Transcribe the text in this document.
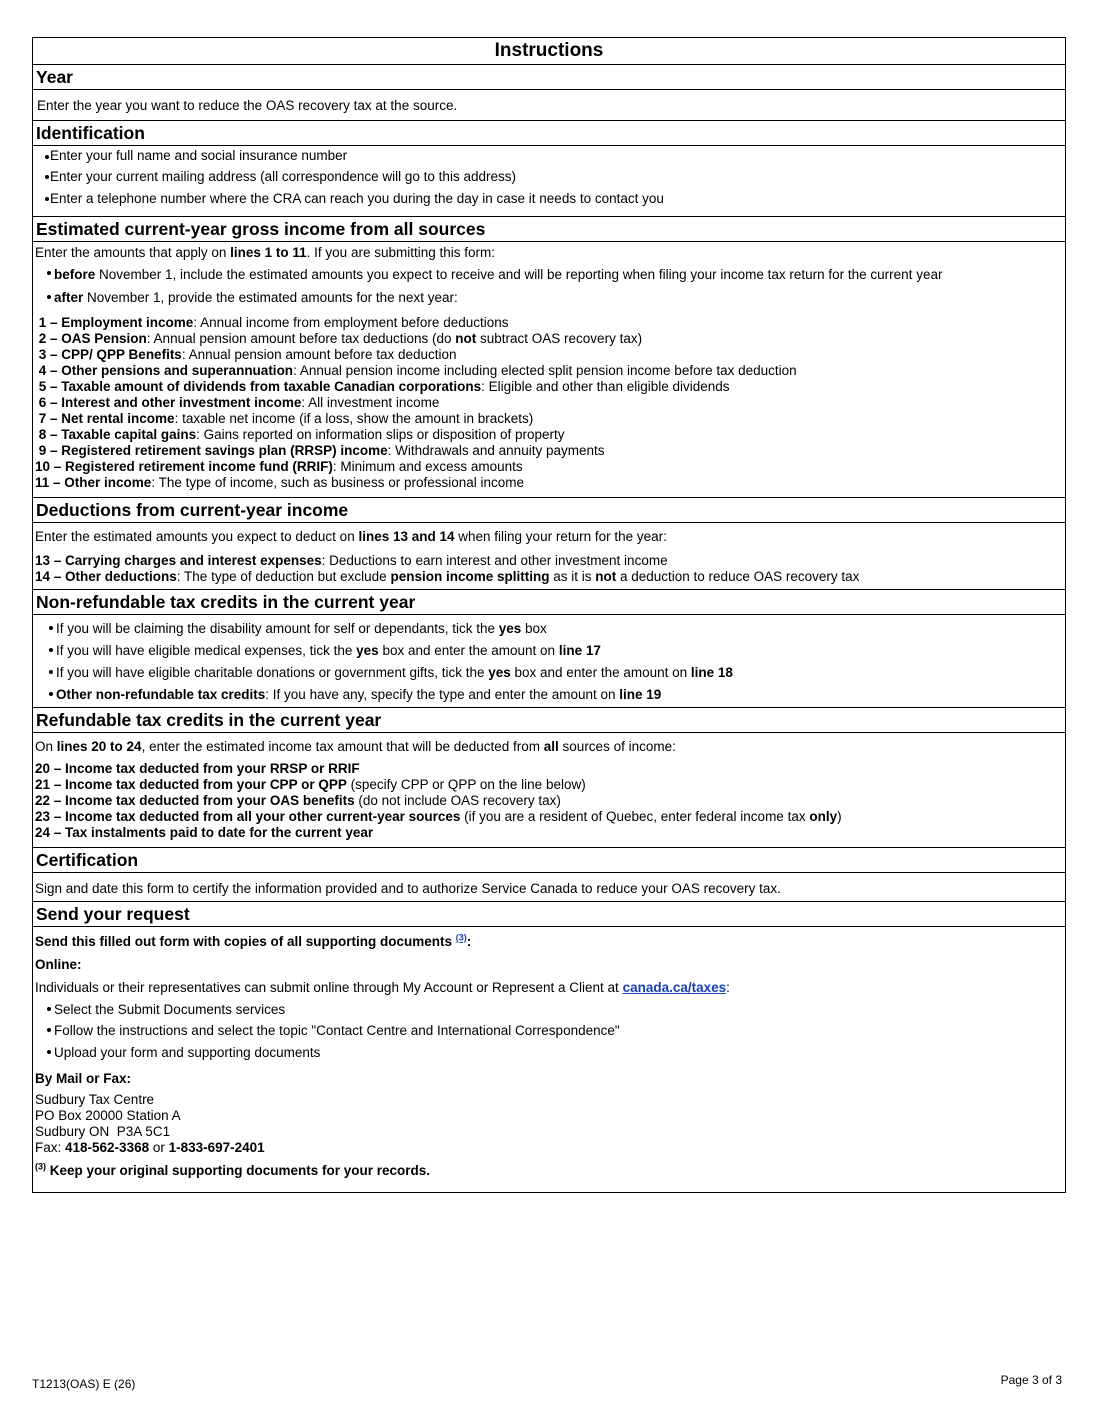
Instructions
Year
Enter the year you want to reduce the OAS recovery tax at the source.
Identification
Enter your full name and social insurance number
Enter your current mailing address (all correspondence will go to this address)
Enter a telephone number where the CRA can reach you during the day in case it needs to contact you
Estimated current-year gross income from all sources
Enter the amounts that apply on lines 1 to 11. If you are submitting this form:
before November 1, include the estimated amounts you expect to receive and will be reporting when filing your income tax return for the current year
after November 1, provide the estimated amounts for the next year:
1 – Employment income: Annual income from employment before deductions
2 – OAS Pension: Annual pension amount before tax deductions (do not subtract OAS recovery tax)
3 – CPP/ QPP Benefits: Annual pension amount before tax deduction
4 – Other pensions and superannuation: Annual pension income including elected split pension income before tax deduction
5 – Taxable amount of dividends from taxable Canadian corporations: Eligible and other than eligible dividends
6 – Interest and other investment income: All investment income
7 – Net rental income: taxable net income (if a loss, show the amount in brackets)
8 – Taxable capital gains: Gains reported on information slips or disposition of property
9 – Registered retirement savings plan (RRSP) income: Withdrawals and annuity payments
10 – Registered retirement income fund (RRIF): Minimum and excess amounts
11 – Other income: The type of income, such as business or professional income
Deductions from current-year income
Enter the estimated amounts you expect to deduct on lines 13 and 14 when filing your return for the year:
13 – Carrying charges and interest expenses: Deductions to earn interest and other investment income
14 – Other deductions: The type of deduction but exclude pension income splitting as it is not a deduction to reduce OAS recovery tax
Non-refundable tax credits in the current year
If you will be claiming the disability amount for self or dependants, tick the yes box
If you will have eligible medical expenses, tick the yes box and enter the amount on line 17
If you will have eligible charitable donations or government gifts, tick the yes box and enter the amount on line 18
Other non-refundable tax credits: If you have any, specify the type and enter the amount on line 19
Refundable tax credits in the current year
On lines 20 to 24, enter the estimated income tax amount that will be deducted from all sources of income:
20 – Income tax deducted from your RRSP or RRIF
21 – Income tax deducted from your CPP or QPP (specify CPP or QPP on the line below)
22 – Income tax deducted from your OAS benefits (do not include OAS recovery tax)
23 – Income tax deducted from all your other current-year sources (if you are a resident of Quebec, enter federal income tax only)
24 – Tax instalments paid to date for the current year
Certification
Sign and date this form to certify the information provided and to authorize Service Canada to reduce your OAS recovery tax.
Send your request
Send this filled out form with copies of all supporting documents $^{(3)}$:
Online:
Individuals or their representatives can submit online through My Account or Represent a Client at canada.ca/taxes:
Select the Submit Documents services
Follow the instructions and select the topic "Contact Centre and International Correspondence"
Upload your form and supporting documents
By Mail or Fax:
Sudbury Tax Centre
PO Box 20000 Station A
Sudbury ON  P3A 5C1
Fax: 418-562-3368 or 1-833-697-2401
$^{(3)}$ Keep your original supporting documents for your records.
T1213(OAS) E (26)	Page 3 of 3
